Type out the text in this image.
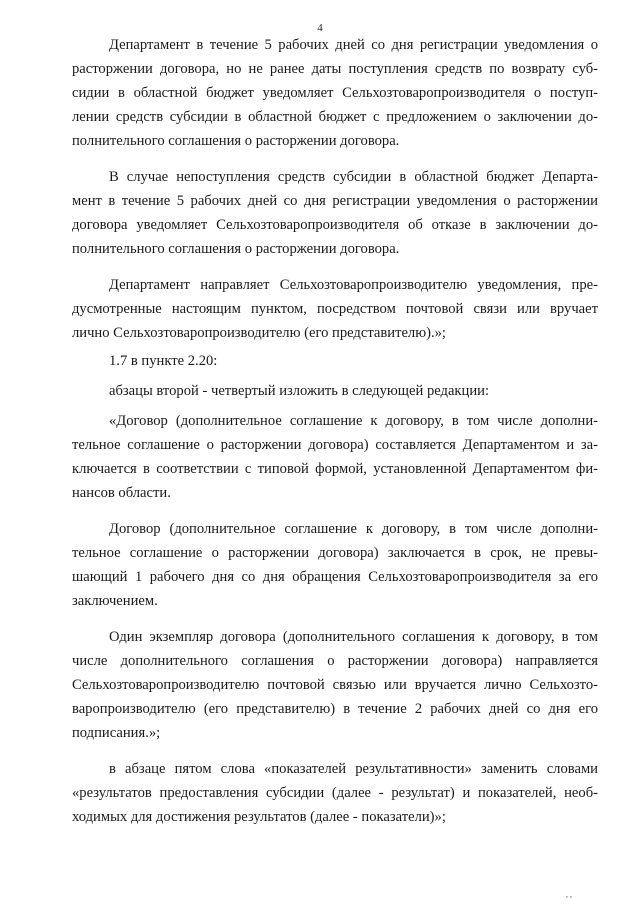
4
Департамент в течение 5 рабочих дней со дня регистрации уведомления о
расторжении договора, но не ранее даты поступления средств по возврату суб-
сидии в областной бюджет уведомляет Сельхозтоваропроизводителя о поступ-
лении средств субсидии в областной бюджет с предложением о заключении до-
полнительного соглашения о расторжении договора.
В случае непоступления средств субсидии в областной бюджет Департа-
мент в течение 5 рабочих дней со дня регистрации уведомления о расторжении
договора уведомляет Сельхозтоваропроизводителя об отказе в заключении до-
полнительного соглашения о расторжении договора.
Департамент направляет Сельхозтоваропроизводителю уведомления, пре-
дусмотренные настоящим пунктом, посредством почтовой связи или вручает
лично Сельхозтоваропроизводителю (его представителю).»;
1.7 в пункте 2.20:
абзацы второй - четвертый изложить в следующей редакции:
«Договор (дополнительное соглашение к договору, в том числе дополни-
тельное соглашение о расторжении договора) составляется Департаментом и за-
ключается в соответствии с типовой формой, установленной Департаментом фи-
нансов области.
Договор (дополнительное соглашение к договору, в том числе дополни-
тельное соглашение о расторжении договора) заключается в срок, не превы-
шающий 1 рабочего дня со дня обращения Сельхозтоваропроизводителя за его
заключением.
Один экземпляр договора (дополнительного соглашения к договору, в том
числе дополнительного соглашения о расторжении договора) направляется
Сельхозтоваропроизводителю почтовой связью или вручается лично Сельхозто-
варопроизводителю (его представителю) в течение 2 рабочих дней со дня его
подписания.»;
в абзаце пятом слова «показателей результативности» заменить словами
«результатов предоставления субсидии (далее - результат) и показателей, необ-
ходимых для достижения результатов (далее - показатели)»;
, ,
